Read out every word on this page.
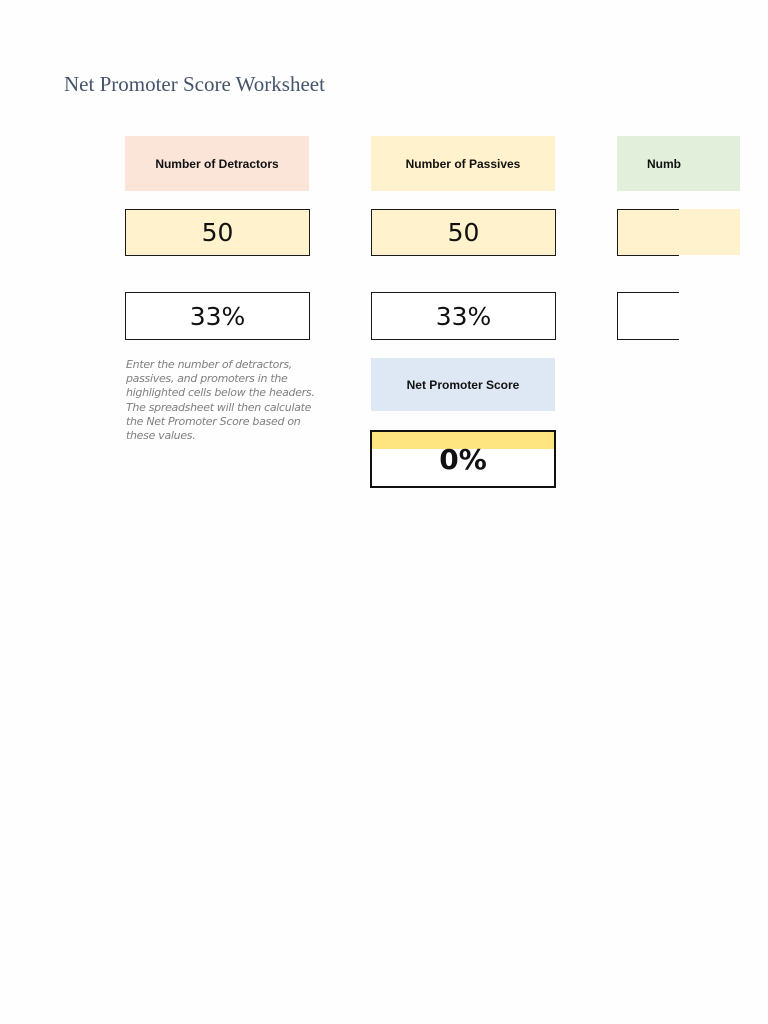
Net Promoter Score Worksheet
Number of Detractors	Number of Passives	Numb
50	50
33%	33%
Enter the number of detractors, passives, and promoters in the highlighted cells below the headers. The spreadsheet will then calculate the Net Promoter Score based on these values.
Net Promoter Score
0%
